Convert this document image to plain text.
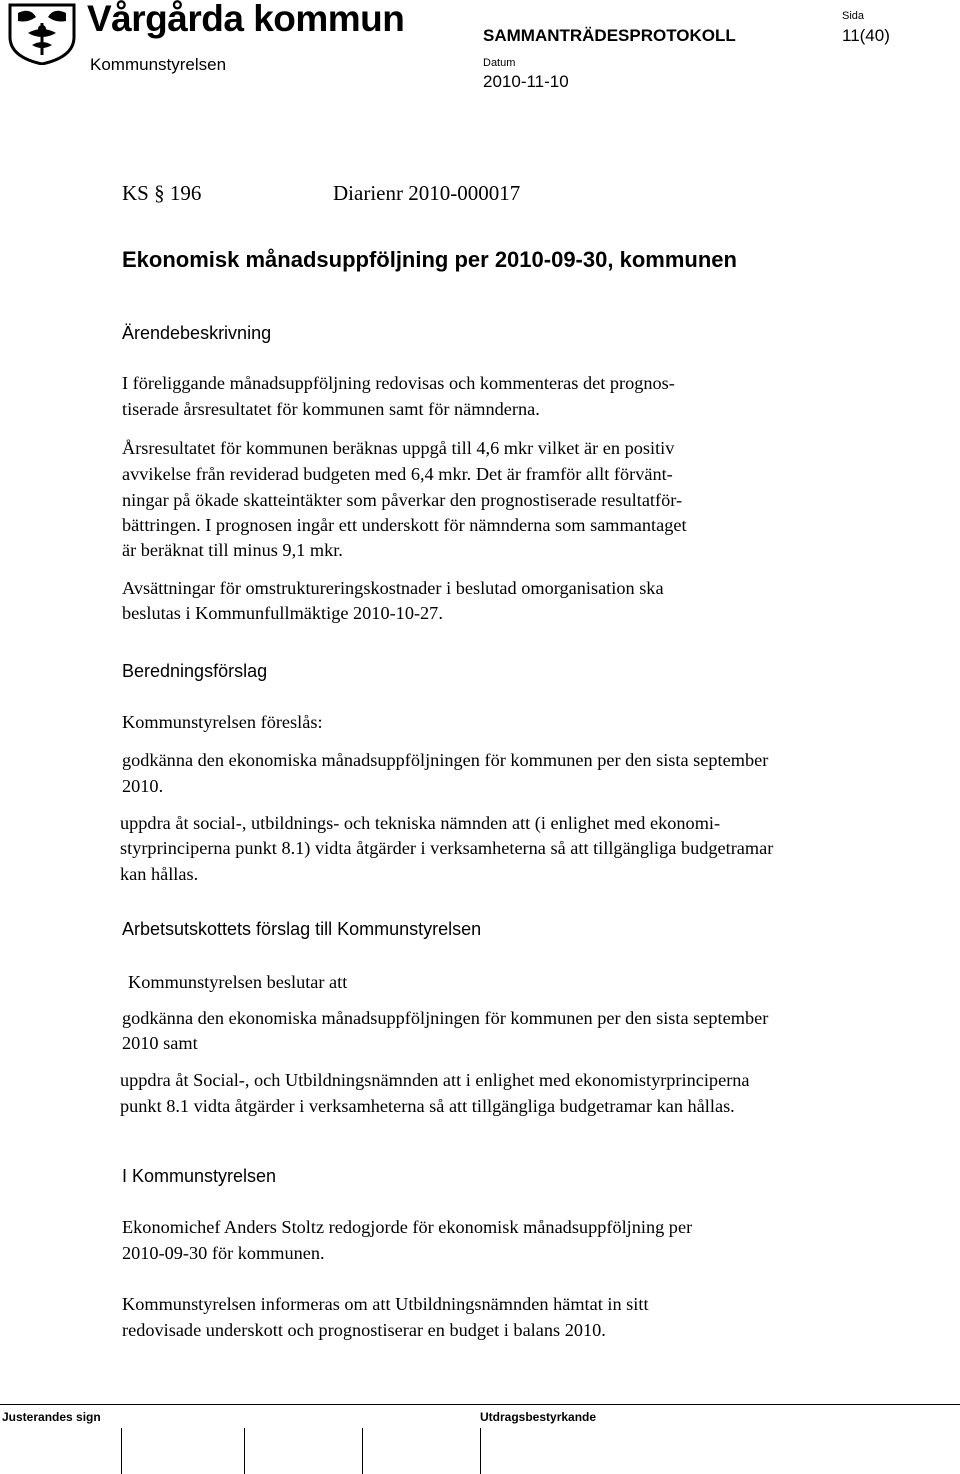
Vårgårda kommun
Kommunstyrelsen
SAMMANTRÄDESPROTOKOLL
Datum
2010-11-10
Sida
11(40)
KS § 196	Diarienr 2010-000017
Ekonomisk månadsuppföljning per 2010-09-30, kommunen
Ärendebeskrivning
I föreliggande månadsuppföljning redovisas och kommenteras det prognos-
tiserade årsresultatet för kommunen samt för nämnderna.
Årsresultatet för kommunen beräknas uppgå till 4,6 mkr vilket är en positiv
avvikelse från reviderad budgeten med 6,4 mkr. Det är framför allt förvänt-
ningar på ökade skatteintäkter som påverkar den prognostiserade resultatför-
bättringen. I prognosen ingår ett underskott för nämnderna som sammantaget
är beräknat till minus 9,1 mkr.
Avsättningar för omstruktureringskostnader i beslutad omorganisation ska
beslutas i Kommunfullmäktige 2010-10-27.
Beredningsförslag
Kommunstyrelsen föreslås:
godkänna den ekonomiska månadsuppföljningen för kommunen per den sista september
2010.
uppdra åt social-, utbildnings- och tekniska nämnden att (i enlighet med ekonomi-
styrprinciperna punkt 8.1) vidta åtgärder i verksamheterna så att tillgängliga budgetramar
kan hållas.
Arbetsutskottets förslag till Kommunstyrelsen
Kommunstyrelsen beslutar att
godkänna den ekonomiska månadsuppföljningen för kommunen per den sista september
2010 samt
uppdra åt Social-, och Utbildningsnämnden att i enlighet med ekonomistyrprinciperna
punkt 8.1 vidta åtgärder i verksamheterna så att tillgängliga budgetramar kan hållas.
I Kommunstyrelsen
Ekonomichef Anders Stoltz redogjorde för ekonomisk månadsuppföljning per
2010-09-30 för kommunen.
Kommunstyrelsen informeras om att Utbildningsnämnden hämtat in sitt
redovisade underskott och prognostiserar en budget i balans 2010.
Justerandes sign	Utdragsbestyrkande
